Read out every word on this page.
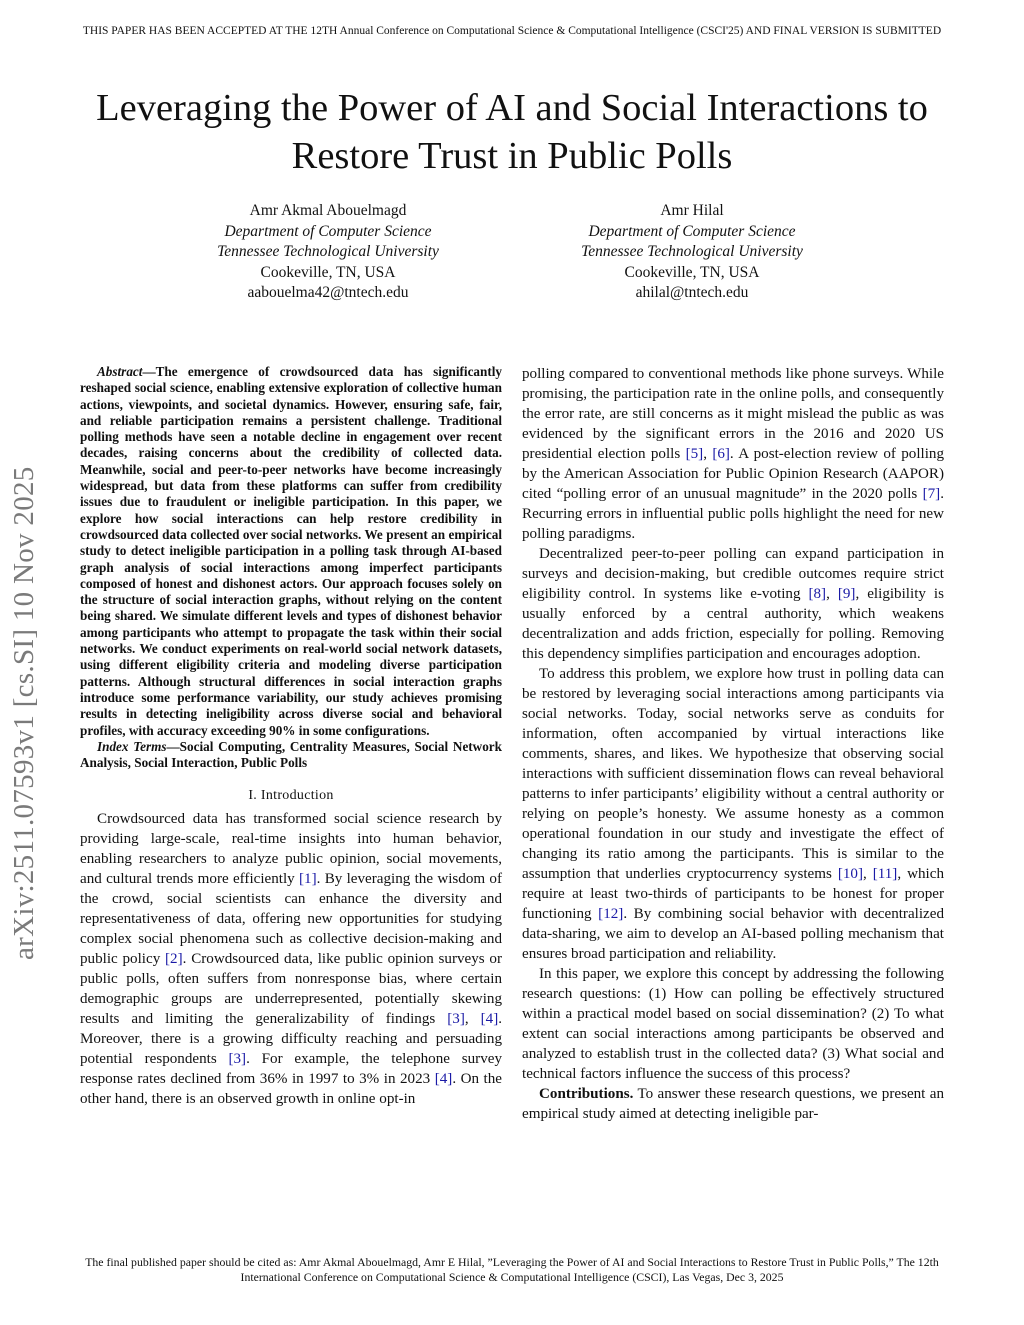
THIS PAPER HAS BEEN ACCEPTED AT THE 12TH Annual Conference on Computational Science & Computational Intelligence (CSCI'25) AND FINAL VERSION IS SUBMITTED
Leveraging the Power of AI and Social Interactions to Restore Trust in Public Polls
Amr Akmal Abouelmagd
Department of Computer Science
Tennessee Technological University
Cookeville, TN, USA
aabouelma42@tntech.edu
Amr Hilal
Department of Computer Science
Tennessee Technological University
Cookeville, TN, USA
ahilal@tntech.edu
arXiv:2511.07593v1 [cs.SI] 10 Nov 2025

Abstract—The emergence of crowdsourced data has significantly reshaped social science, enabling extensive exploration of collective human actions, viewpoints, and societal dynamics. However, ensuring safe, fair, and reliable participation remains a persistent challenge. Traditional polling methods have seen a notable decline in engagement over recent decades, raising concerns about the credibility of collected data. Meanwhile, social and peer-to-peer networks have become increasingly widespread, but data from these platforms can suffer from credibility issues due to fraudulent or ineligible participation. In this paper, we explore how social interactions can help restore credibility in crowdsourced data collected over social networks. We present an empirical study to detect ineligible participation in a polling task through AI-based graph analysis of social interactions among imperfect participants composed of honest and dishonest actors. Our approach focuses solely on the structure of social interaction graphs, without relying on the content being shared. We simulate different levels and types of dishonest behavior among participants who attempt to propagate the task within their social networks. We conduct experiments on real-world social network datasets, using different eligibility criteria and modeling diverse participation patterns. Although structural differences in social interaction graphs introduce some performance variability, our study achieves promising results in detecting ineligibility across diverse social and behavioral profiles, with accuracy exceeding 90% in some configurations.

Index Terms—Social Computing, Centrality Measures, Social Network Analysis, Social Interaction, Public Polls

I. Introduction

Crowdsourced data has transformed social science research by providing large-scale, real-time insights into human behavior, enabling researchers to analyze public opinion, social movements, and cultural trends more efficiently [1]. By leveraging the wisdom of the crowd, social scientists can enhance the diversity and representativeness of data, offering new opportunities for studying complex social phenomena such as collective decision-making and public policy [2]. Crowdsourced data, like public opinion surveys or public polls, often suffers from nonresponse bias, where certain demographic groups are underrepresented, potentially skewing results and limiting the generalizability of findings [3], [4]. Moreover, there is a growing difficulty reaching and persuading potential respondents [3]. For example, the telephone survey response rates declined from 36% in 1997 to 3% in 2023 [4]. On the other hand, there is an observed growth in online opt-in

polling compared to conventional methods like phone surveys. While promising, the participation rate in the online polls, and consequently the error rate, are still concerns as it might mislead the public as was evidenced by the significant errors in the 2016 and 2020 US presidential election polls [5], [6]. A post-election review of polling by the American Association for Public Opinion Research (AAPOR) cited “polling error of an unusual magnitude” in the 2020 polls [7]. Recurring errors in influential public polls highlight the need for new polling paradigms.

Decentralized peer-to-peer polling can expand participation in surveys and decision-making, but credible outcomes require strict eligibility control. In systems like e-voting [8], [9], eligibility is usually enforced by a central authority, which weakens decentralization and adds friction, especially for polling. Removing this dependency simplifies participation and encourages adoption.

To address this problem, we explore how trust in polling data can be restored by leveraging social interactions among participants via social networks. Today, social networks serve as conduits for information, often accompanied by virtual interactions like comments, shares, and likes. We hypothesize that observing social interactions with sufficient dissemination flows can reveal behavioral patterns to infer participants’ eligibility without a central authority or relying on people’s honesty. We assume honesty as a common operational foundation in our study and investigate the effect of changing its ratio among the participants. This is similar to the assumption that underlies cryptocurrency systems [10], [11], which require at least two-thirds of participants to be honest for proper functioning [12]. By combining social behavior with decentralized data-sharing, we aim to develop an AI-based polling mechanism that ensures broad participation and reliability.

In this paper, we explore this concept by addressing the following research questions: (1) How can polling be effectively structured within a practical model based on social dissemination? (2) To what extent can social interactions among participants be observed and analyzed to establish trust in the collected data? (3) What social and technical factors influence the success of this process?

Contributions. To answer these research questions, we present an empirical study aimed at detecting ineligible par-

The final published paper should be cited as: Amr Akmal Abouelmagd, Amr E Hilal, ”Leveraging the Power of AI and Social Interactions to Restore Trust in Public Polls,” The 12th International Conference on Computational Science & Computational Intelligence (CSCI), Las Vegas, Dec 3, 2025
